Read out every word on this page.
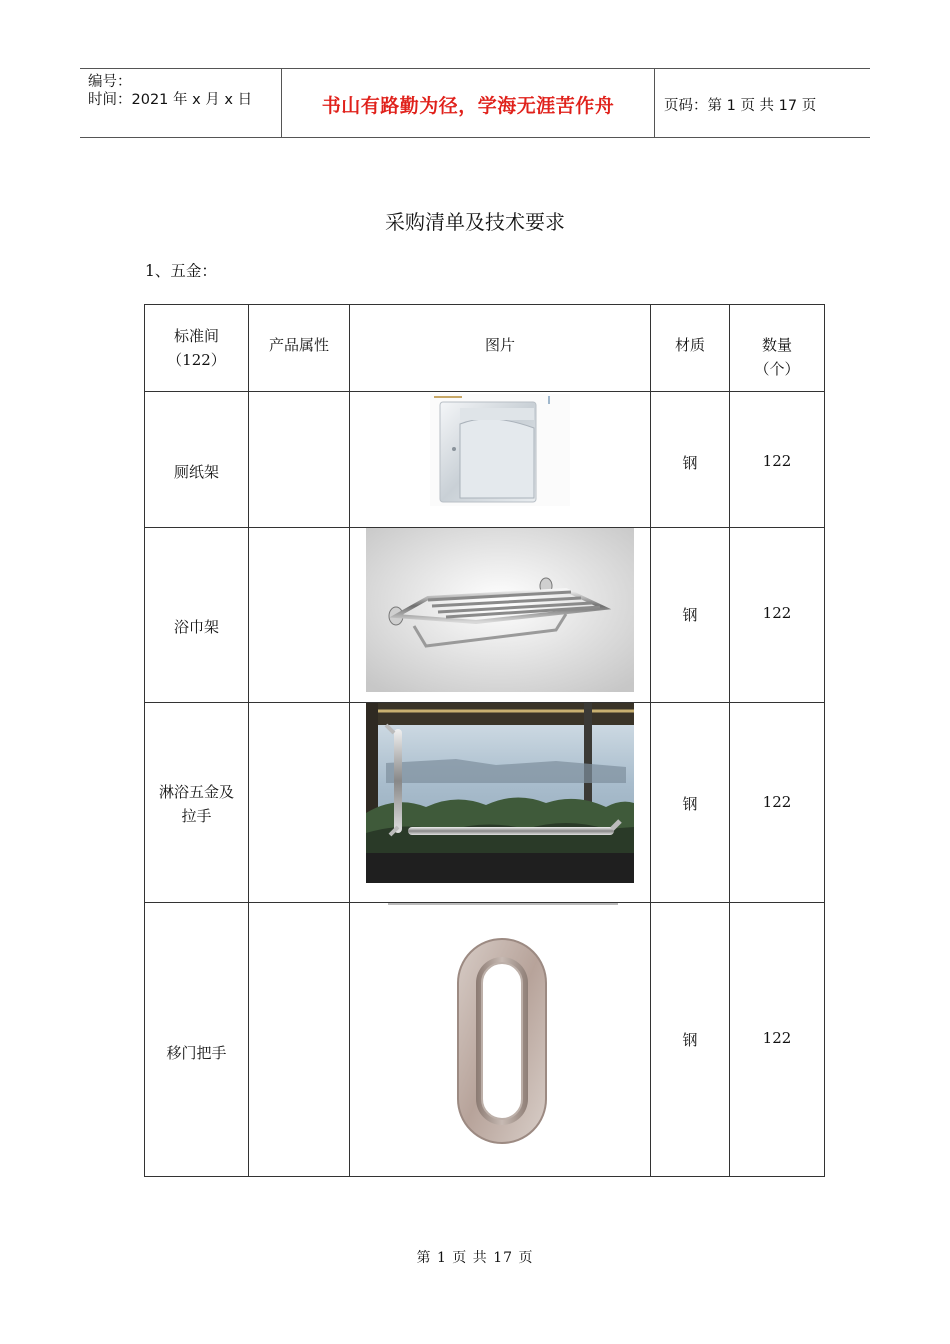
编号：
时间：2021 年 x 月 x 日	书山有路勤为径，学海无涯苦作舟	页码：第 1 页 共 17 页
采购清单及技术要求
1、五金：
标准间
（122）	产品属性	图片	材质	数量
（个）

厕纸架			钢	122

浴巾架			钢	122

淋浴五金及
拉手			钢	122

移门把手			钢	122
第 1 页 共 17 页
